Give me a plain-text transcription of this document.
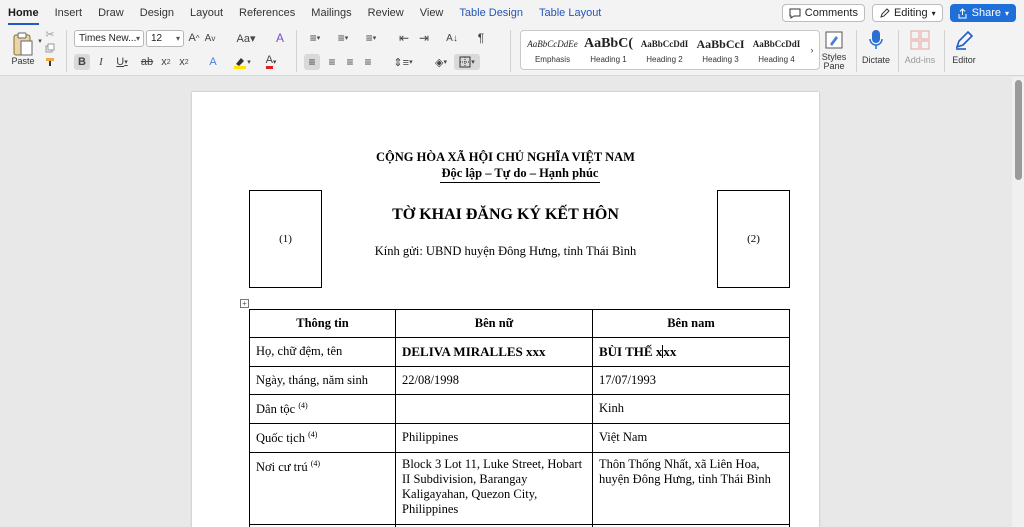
Home	Insert	Draw	Design	Layout	References	Mailings	Review	View	Table Design	Table Layout	Comments	Editing ▾	Share ▾
▾
Paste
✂	Times New... ▾	12 ▾ A ^ A v Aa▾ A
B	I	U ▾ ab x 2 x 2	A	▾ A ▾
≡ ▾	≡ ▾	≡ ▾ ⇤ ⇥ A↓	¶
≡	≡ ≡ ≡	⇕≡ ▾	◈ ▾	▾
AaBbCcDdEe
Emphasis
AaBbC(
Heading 1
AaBbCcDdI
Heading 2
AaBbCcI
Heading 3
AaBbCcDdI
Heading 4
›
Styles Pane
Dictate	Add-ins	Editor
CỘNG HÒA XÃ HỘI CHỦ NGHĨA VIỆT NAM
Độc lập – Tự do – Hạnh phúc
(1)	(2)
TỜ KHAI ĐĂNG KÝ KẾT HÔN
Kính gửi: UBND huyện Đông Hưng, tỉnh Thái Bình
+
Thông tin	Bên nữ	Bên nam
Họ, chữ đệm, tên	DELIVA MIRALLES xxx	BÙI THẾ xxx
Ngày, tháng, năm sinh	22/08/1998	17/07/1993
Dân tộc $^{(4)}$		Kinh
Quốc tịch $^{(4)}$	Philippines	Việt Nam
Nơi cư trú $^{(4)}$	Block 3 Lot 11, Luke Street, Hobart II Subdivision, Barangay Kaligayahan, Quezon City, Philippines	Thôn Thống Nhất, xã Liên Hoa, huyện Đông Hưng, tỉnh Thái Bình
